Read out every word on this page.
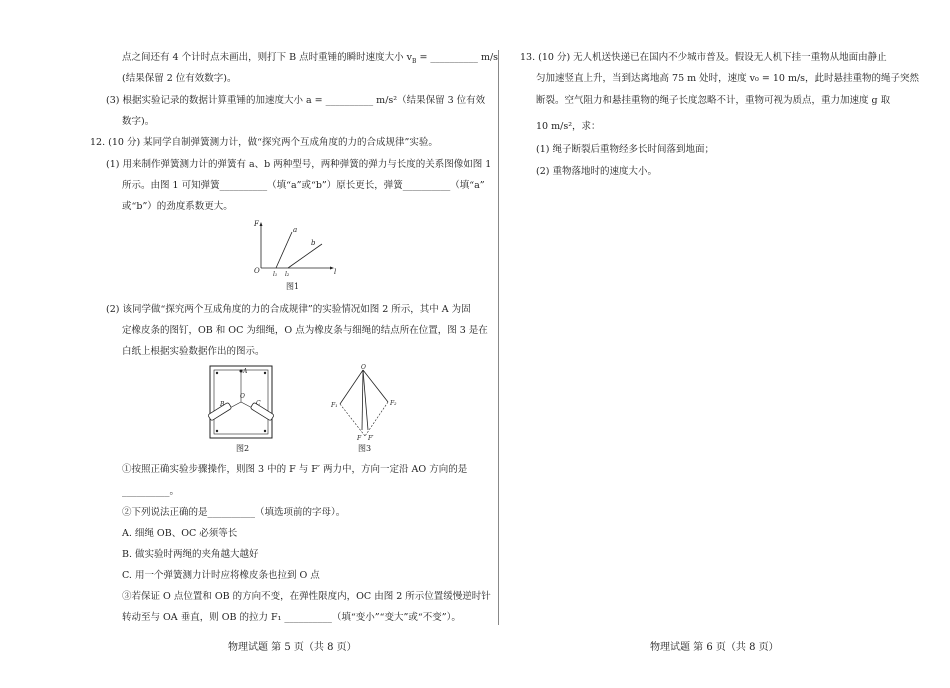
点之间还有 4 个计时点未画出，则打下 B 点时重锤的瞬时速度大小 $v_B$ = __________ m/s
(结果保留 2 位有效数字)。
(3) 根据实验记录的数据计算重锤的加速度大小 a = __________ m/s²（结果保留 3 位有效
数字)。
12. (10 分) 某同学自制弹簧测力计，做“探究两个互成角度的力的合成规律”实验。
(1) 用来制作弹簧测力计的弹簧有 a、b 两种型号，两种弹簧的弹力与长度的关系图像如图 1
所示。由图 1 可知弹簧__________（填“a”或“b”）原长更长，弹簧__________（填“a”
或“b”）的劲度系数更大。
F
O	l
a
b
l₁ l₂
图1
(2) 该同学做“探究两个互成角度的力的合成规律”的实验情况如图 2 所示，其中 A 为固
定橡皮条的图钉，OB 和 OC 为细绳，O 点为橡皮条与细绳的结点所在位置，图 3 是在
白纸上根据实验数据作出的图示。
A
B
O
C
图2
O
F₁	F₂
F F′
图3
①按照正确实验步骤操作，则图 3 中的 F 与 F′ 两力中，方向一定沿 AO 方向的是
__________。
②下列说法正确的是__________（填选项前的字母）。
A. 细绳 OB、OC 必须等长
B. 做实验时两绳的夹角越大越好
C. 用一个弹簧测力计时应将橡皮条也拉到 O 点
③若保证 O 点位置和 OB 的方向不变，在弹性限度内，OC 由图 2 所示位置缓慢逆时针
转动至与 OA 垂直，则 OB 的拉力 F₁ __________（填“变小”“变大”或“不变”）。
物理试题 第 5 页（共 8 页）
13. (10 分) 无人机送快递已在国内不少城市普及。假设无人机下挂一重物从地面由静止
匀加速竖直上升，当到达离地高 75 m 处时，速度 v₀ = 10 m/s，此时悬挂重物的绳子突然
断裂。空气阻力和悬挂重物的绳子长度忽略不计，重物可视为质点，重力加速度 g 取
10 m/s²，求：
(1) 绳子断裂后重物经多长时间落到地面；
(2) 重物落地时的速度大小。
物理试题 第 6 页（共 8 页）
